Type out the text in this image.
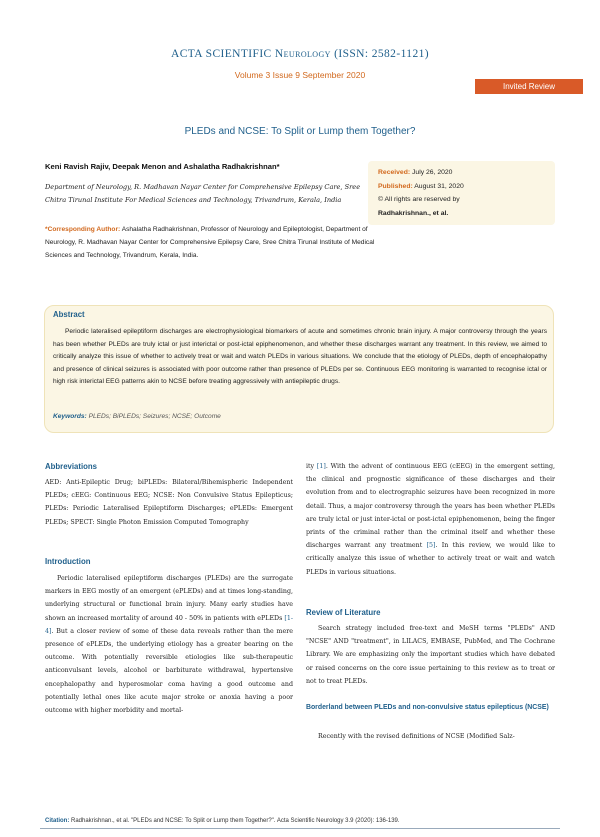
ACTA SCIENTIFIC Neurology (ISSN: 2582-1121)
Volume 3 Issue 9 September 2020
Invited Review
PLEDs and NCSE: To Split or Lump them Together?
Keni Ravish Rajiv, Deepak Menon and Ashalatha Radhakrishnan*
Department of Neurology, R. Madhavan Nayar Center for Comprehensive Epilepsy Care, Sree Chitra Tirunal Institute For Medical Sciences and Technology, Trivandrum, Kerala, India
*Corresponding Author: Ashalatha Radhakrishnan, Professor of Neurology and Epileptologist, Department of Neurology, R. Madhavan Nayar Center for Comprehensive Epilepsy Care, Sree Chitra Tirunal Institute of Medical Sciences and Technology, Trivandrum, Kerala, India.
Received: July 26, 2020
Published: August 31, 2020
© All rights are reserved by
Radhakrishnan., et al.
Abstract
Periodic lateralised epileptiform discharges are electrophysiological biomarkers of acute and sometimes chronic brain injury. A major controversy through the years has been whether PLEDs are truly ictal or just interictal or post-ictal epiphenomenon, and whether these discharges warrant any treatment. In this review, we aimed to critically analyze this issue of whether to actively treat or wait and watch PLEDs in various situations. We conclude that the etiology of PLEDs, depth of encephalopathy and presence of clinical seizures is associated with poor outcome rather than presence of PLEDs per se. Continuous EEG monitoring is warranted to recognise ictal or high risk interictal EEG patterns akin to NCSE before treating aggressively with antiepileptic drugs.
Keywords: PLEDs; BiPLEDs; Seizures; NCSE; Outcome
Abbreviations
AED: Anti-Epileptic Drug; biPLEDs: Bilateral/Bihemispheric Independent PLEDs; cEEG: Continuous EEG; NCSE: Non Convulsive Status Epilepticus; PLEDs: Periodic Lateralised Epileptiform Discharges; ePLEDs: Emergent PLEDs; SPECT: Single Photon Emission Computed Tomography
Introduction
Periodic lateralised epileptiform discharges (PLEDs) are the surrogate markers in EEG mostly of an emergent (ePLEDs) and at times long-standing, underlying structural or functional brain injury. Many early studies have shown an increased mortality of around 40 - 50% in patients with ePLEDs [1-4]. But a closer review of some of these data reveals rather than the mere presence of ePLEDs, the underlying etiology has a greater bearing on the outcome. With potentially reversible etiologies like sub-therapeutic anticonvulsant levels, alcohol or barbiturate withdrawal, hypertensive encephalopathy and hyperosmolar coma having a good outcome and potentially lethal ones like acute major stroke or anoxia having a poor outcome with higher morbidity and mortal-
ity [1]. With the advent of continuous EEG (cEEG) in the emergent setting, the clinical and prognostic significance of these discharges and their evolution from and to electrographic seizures have been recognized in more detail. Thus, a major controversy through the years has been whether PLEDs are truly ictal or just inter-ictal or post-ictal epiphenomenon, being the finger prints of the criminal rather than the criminal itself and whether these discharges warrant any treatment [5]. In this review, we would like to critically analyze this issue of whether to actively treat or wait and watch PLEDs in various situations.
Review of Literature
Search strategy included free-text and MeSH terms "PLEDs" AND "NCSE" AND "treatment", in LILACS, EMBASE, PubMed, and The Cochrane Library. We are emphasizing only the important studies which have debated or raised concerns on the core issue pertaining to this review as to treat or not to treat PLEDs.
Borderland between PLEDs and non-convulsive status epilepticus (NCSE)
Recently with the revised definitions of NCSE (Modified Salz-
Citation: Radhakrishnan., et al. "PLEDs and NCSE: To Split or Lump them Together?". Acta Scientific Neurology 3.9 (2020): 136-139.
